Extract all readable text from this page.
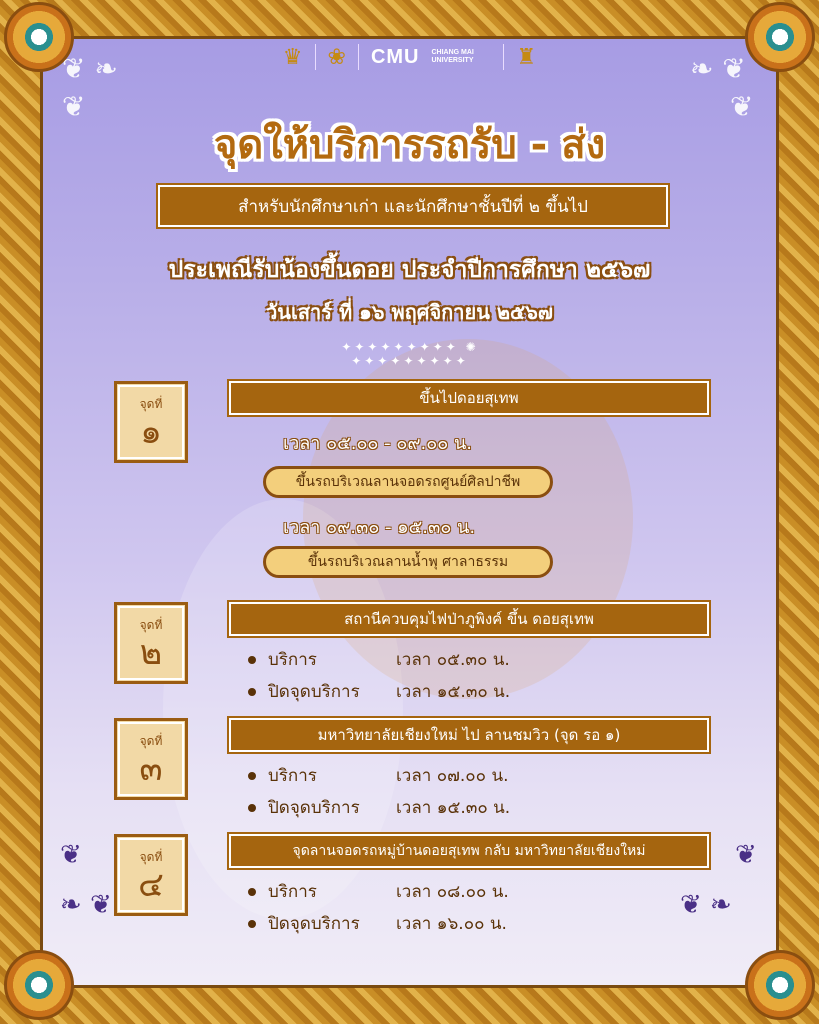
❦ ❧
❦
❧ ❦
❦
❦
❧ ❦
❦
❦ ❧
♛ ❀ CMU CHIANG MAI UNIVERSITY	♜
จุดให้บริการรถรับ - ส่ง
สำหรับนักศึกษาเก่า และนักศึกษาชั้นปีที่ ๒ ขึ้นไป
ประเพณีรับน้องขึ้นดอย ประจำปีการศึกษา ๒๕๖๗
วันเสาร์ ที่ ๑๖ พฤศจิกายน ๒๕๖๗
✦✦✦✦✦✦✦✦✦ ✺ ✦✦✦✦✦✦✦✦✦
จุดที่
๑
ขึ้นไปดอยสุเทพ
เวลา ๐๕.๐๐ - ๐๙.๐๐ น.
ขึ้นรถบริเวณลานจอดรถศูนย์ศิลปาชีพ
เวลา ๐๙.๓๐ - ๑๕.๓๐ น.
ขึ้นรถบริเวณลานน้ำพุ ศาลาธรรม
จุดที่
๒
สถานีควบคุมไฟป่าภูพิงค์ ขึ้น ดอยสุเทพ
บริการ	เวลา ๐๕.๓๐ น.
ปิดจุดบริการ	เวลา ๑๕.๓๐ น.
จุดที่
๓
มหาวิทยาลัยเชียงใหม่ ไป ลานชมวิว (จุด รอ ๑)
บริการ	เวลา ๐๗.๐๐ น.
ปิดจุดบริการ	เวลา ๑๕.๓๐ น.
จุดที่
๔
จุดลานจอดรถหมู่บ้านดอยสุเทพ กลับ มหาวิทยาลัยเชียงใหม่
บริการ	เวลา ๐๘.๐๐ น.
ปิดจุดบริการ	เวลา ๑๖.๐๐ น.
